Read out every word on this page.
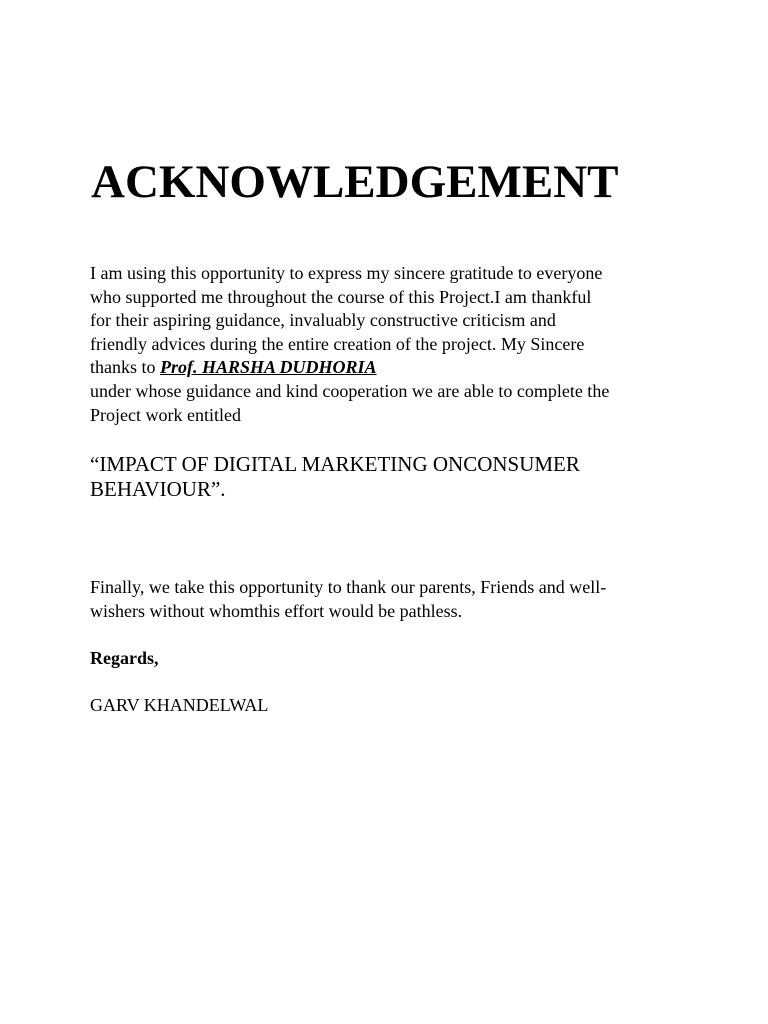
ACKNOWLEDGEMENT

I am using this opportunity to express my sincere gratitude to everyone
who supported me throughout the course of this Project.I am thankful
for their aspiring guidance, invaluably constructive criticism and
friendly advices during the entire creation of the project. My Sincere
thanks to Prof. HARSHA DUDHORIA
under whose guidance and kind cooperation we are able to complete the
Project work entitled

“IMPACT OF DIGITAL MARKETING ONCONSUMER
BEHAVIOUR”.

Finally, we take this opportunity to thank our parents, Friends and well-
wishers without whomthis effort would be pathless.

Regards,

GARV KHANDELWAL
